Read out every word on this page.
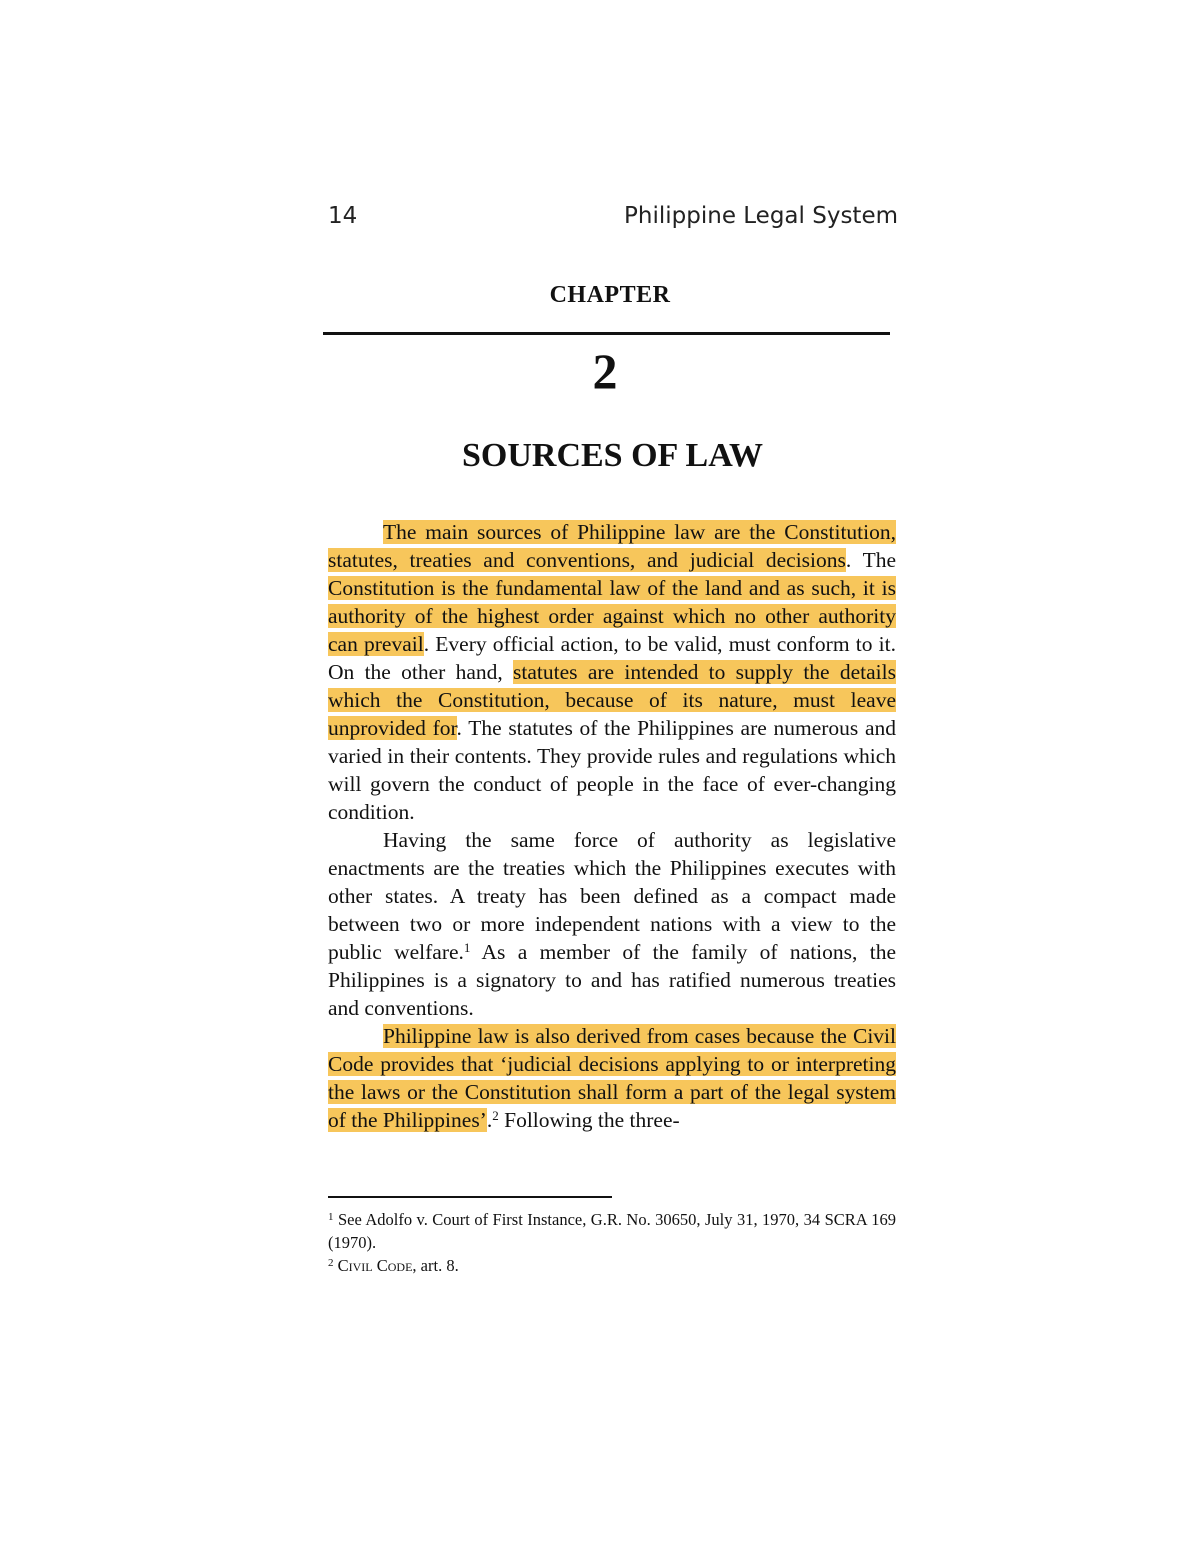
14	Philippine Legal System
CHAPTER
2
SOURCES OF LAW

The main sources of Philippine law are the Constitution, statutes, treaties and conventions, and judicial decisions. The Constitution is the fundamental law of the land and as such, it is authority of the highest order against which no other authority can prevail. Every official action, to be valid, must conform to it. On the other hand, statutes are intended to supply the details which the Constitution, because of its nature, must leave unprovided for. The statutes of the Philippines are numerous and varied in their contents. They provide rules and regulations which will govern the conduct of people in the face of ever-changing condition.

Having the same force of authority as legislative enactments are the treaties which the Philippines executes with other states. A treaty has been defined as a compact made between two or more independent nations with a view to the public welfare.$^1$ As a member of the family of nations, the Philippines is a signatory to and has ratified numerous treaties and conventions.

Philippine law is also derived from cases because the Civil Code provides that ‘judicial decisions applying to or interpreting the laws or the Constitution shall form a part of the legal system of the Philippines’.$^2$ Following the three-

$^1$ See Adolfo v. Court of First Instance, G.R. No. 30650, July 31, 1970, 34 SCRA 169 (1970).

$^2$ Civil Code, art. 8.
